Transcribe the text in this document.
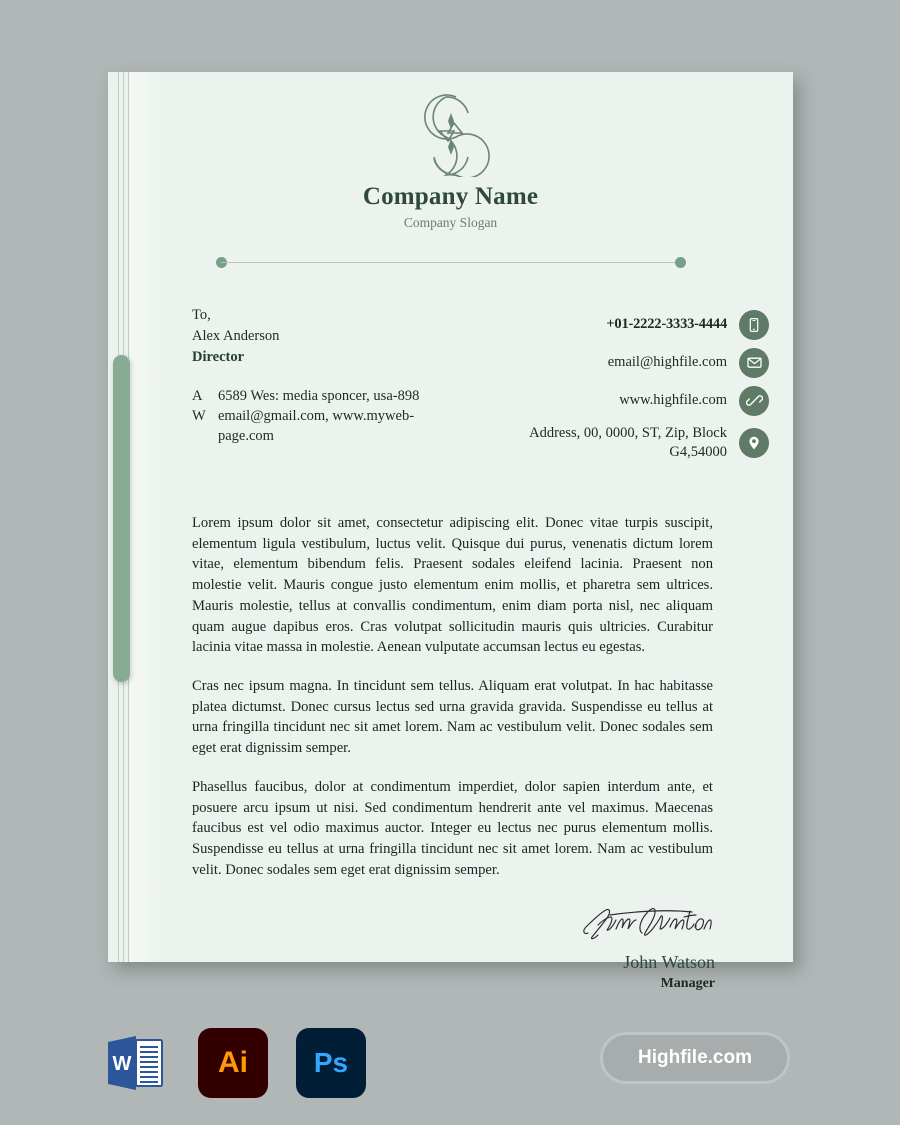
Company Name
Company Slogan
To,
Alex Anderson
Director
A	6589 Wes: media sponcer, usa-898
W email@gmail.com, www.myweb-page.com
+01-2222-3333-4444
email@highfile.com
www.highfile.com
Address, 00, 0000, ST, Zip, Block G4,54000

Lorem ipsum dolor sit amet, consectetur adipiscing elit. Donec vitae turpis suscipit, elementum ligula vestibulum, luctus velit. Quisque dui purus, venenatis dictum lorem vitae, elementum bibendum felis. Praesent sodales eleifend lacinia. Praesent non molestie velit. Mauris congue justo elementum enim mollis, et pharetra sem ultrices. Mauris molestie, tellus at convallis condimentum, enim diam porta nisl, nec aliquam quam augue dapibus eros. Cras volutpat sollicitudin mauris quis ultricies. Curabitur lacinia vitae massa in molestie. Aenean vulputate accumsan lectus eu egestas.

Cras nec ipsum magna. In tincidunt sem tellus. Aliquam erat volutpat. In hac habitasse platea dictumst. Donec cursus lectus sed urna gravida gravida. Suspendisse eu tellus at urna fringilla tincidunt nec sit amet lorem. Nam ac vestibulum velit. Donec sodales sem eget erat dignissim semper.

Phasellus faucibus, dolor at condimentum imperdiet, dolor sapien interdum ante, et posuere arcu ipsum ut nisi. Sed condimentum hendrerit ante vel maximus. Maecenas faucibus est vel odio maximus auctor. Integer eu lectus nec purus elementum mollis. Suspendisse eu tellus at urna fringilla tincidunt nec sit amet lorem. Nam ac vestibulum velit. Donec sodales sem eget erat dignissim semper.

John Watson
Manager
W	Ai Ps	Highfile.com
